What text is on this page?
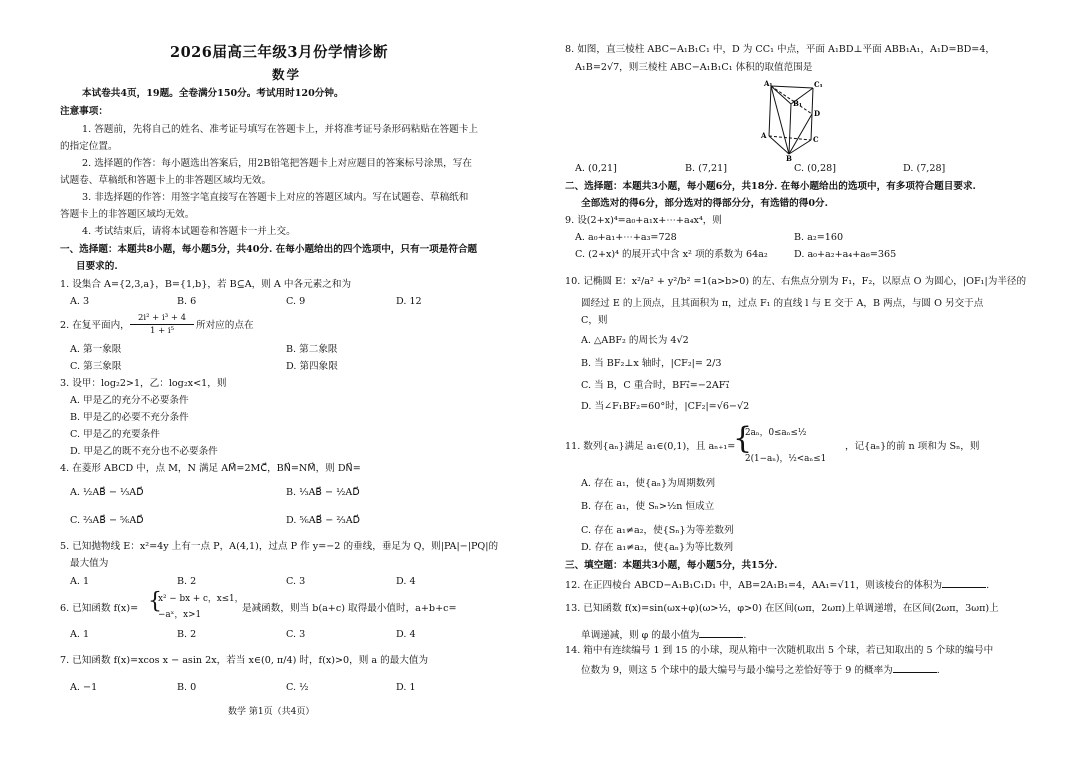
2026届高三年级3月份学情诊断
数学
本试卷共4页，19题。全卷满分150分。考试用时120分钟。
注意事项：
1. 答题前，先将自己的姓名、准考证号填写在答题卡上，并将准考证号条形码粘贴在答题卡上
的指定位置。
2. 选择题的作答：每小题选出答案后，用2B铅笔把答题卡上对应题目的答案标号涂黑，写在
试题卷、草稿纸和答题卡上的非答题区域均无效。
3. 非选择题的作答：用签字笔直接写在答题卡上对应的答题区域内。写在试题卷、草稿纸和
答题卡上的非答题区域均无效。
4. 考试结束后，请将本试题卷和答题卡一并上交。
一、选择题：本题共8小题，每小题5分，共40分. 在每小题给出的四个选项中，只有一项是符合题
目要求的.
1. 设集合 A={2,3,a}，B={1,b}，若 B⊆A，则 A 中各元素之和为
A. 3	B. 6	C. 9	D. 12
2. 在复平面内，
2i² + i³ + 4
1 + i⁵	所对应的点在
A. 第一象限	B. 第二象限
C. 第三象限	D. 第四象限
3. 设甲：log₂2>1，乙：log₂x<1，则
A. 甲是乙的充分不必要条件
B. 甲是乙的必要不充分条件
C. 甲是乙的充要条件
D. 甲是乙的既不充分也不必要条件
4. 在菱形 ABCD 中，点 M，N 满足 AM⃗=2MC⃗，BN⃗=NM⃗，则 DN⃗=
A. ½AB⃗ − ⅓AD⃗	B. ⅓AB⃗ − ½AD⃗
C. ⅔AB⃗ − ⅚AD⃗	D. ⅚AB⃗ − ⅔AD⃗
5. 已知抛物线 E：x²=4y 上有一点 P，A(4,1)，过点 P 作 y=−2 的垂线，垂足为 Q，则|PA|−|PQ|的
最大值为
A. 1	B. 2	C. 3	D. 4
6. 已知函数 f(x)= {
x² − bx + c，x≤1，
−aˣ，x>1
是减函数，则当 b(a+c) 取得最小值时，a+b+c=
A. 1	B. 2	C. 3	D. 4
7. 已知函数 f(x)=xcos x − asin 2x，若当 x∈(0, π/4) 时，f(x)>0，则 a 的最大值为
A. −1	B. 0	C. ½	D. 1
数学 第1页（共4页）
8. 如图，直三棱柱 ABC−A₁B₁C₁ 中，D 为 CC₁ 中点，平面 A₁BD⊥平面 ABB₁A₁，A₁D=BD=4，
A₁B=2√7，则三棱柱 ABC−A₁B₁C₁ 体积的取值范围是
A₁	C₁
B₁
D
A	C
B
A. (0,21]	B. (7,21]	C. (0,28]	D. (7,28]
二、选择题：本题共3小题，每小题6分，共18分. 在每小题给出的选项中，有多项符合题目要求.
全部选对的得6分，部分选对的得部分分，有选错的得0分.
9. 设(2+x)⁴=a₀+a₁x+⋯+a₄x⁴，则
A. a₀+a₁+⋯+a₃=728	B. a₂=160
C. (2+x)⁴ 的展开式中含 x² 项的系数为 64a₂	D. a₀+a₂+a₄+a₆=365
10. 记椭圆 E：x²/a² + y²/b² =1(a>b>0) 的左、右焦点分别为 F₁，F₂，以原点 O 为圆心，|OF₁|为半径的
圆经过 E 的上顶点，且其面积为 π，过点 F₁ 的直线 l 与 E 交于 A，B 两点，与圆 O 另交于点
C，则
A. △ABF₂ 的周长为 4√2
B. 当 BF₂⊥x 轴时，|CF₂|= 2/3
C. 当 B，C 重合时，BF₁⃗=−2AF₁⃗
D. 当∠F₁BF₂=60°时，|CF₂|=√6−√2
11. 数列{aₙ}满足 a₁∈(0,1)，且 aₙ₊₁=
{
2aₙ，0≤aₙ≤½
2(1−aₙ)，½<aₙ≤1
，记{aₙ}的前 n 项和为 Sₙ，则
A. 存在 a₁，使{aₙ}为周期数列
B. 存在 a₁，使 Sₙ>½n 恒成立
C. 存在 a₁≠a₂，使{Sₙ}为等差数列
D. 存在 a₁≠a₂，使{aₙ}为等比数列
三、填空题：本题共3小题，每小题5分，共15分.
12. 在正四棱台 ABCD−A₁B₁C₁D₁ 中，AB=2A₁B₁=4，AA₁=√11，则该棱台的体积为	.
13. 已知函数 f(x)=sin(ωx+φ)(ω>½，φ>0) 在区间(ωπ，2ωπ)上单调递增，在区间(2ωπ，3ωπ)上
单调递减，则 φ 的最小值为	.
14. 箱中有连续编号 1 到 15 的小球，现从箱中一次随机取出 5 个球，若已知取出的 5 个球的编号中
位数为 9，则这 5 个球中的最大编号与最小编号之差恰好等于 9 的概率为	.
